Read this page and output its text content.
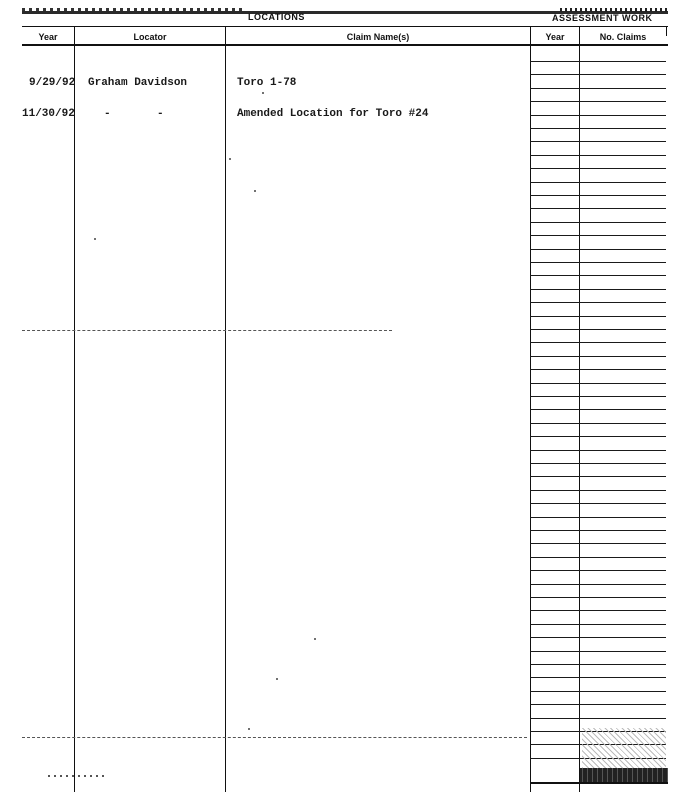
LOCATIONS	ASSESSMENT WORK
Year	Locator	Claim Name(s)	Year	No. Claims
9/29/92 Graham Davidson	Toro 1-78
11/30/92	-	-	Amended Location for Toro #24
